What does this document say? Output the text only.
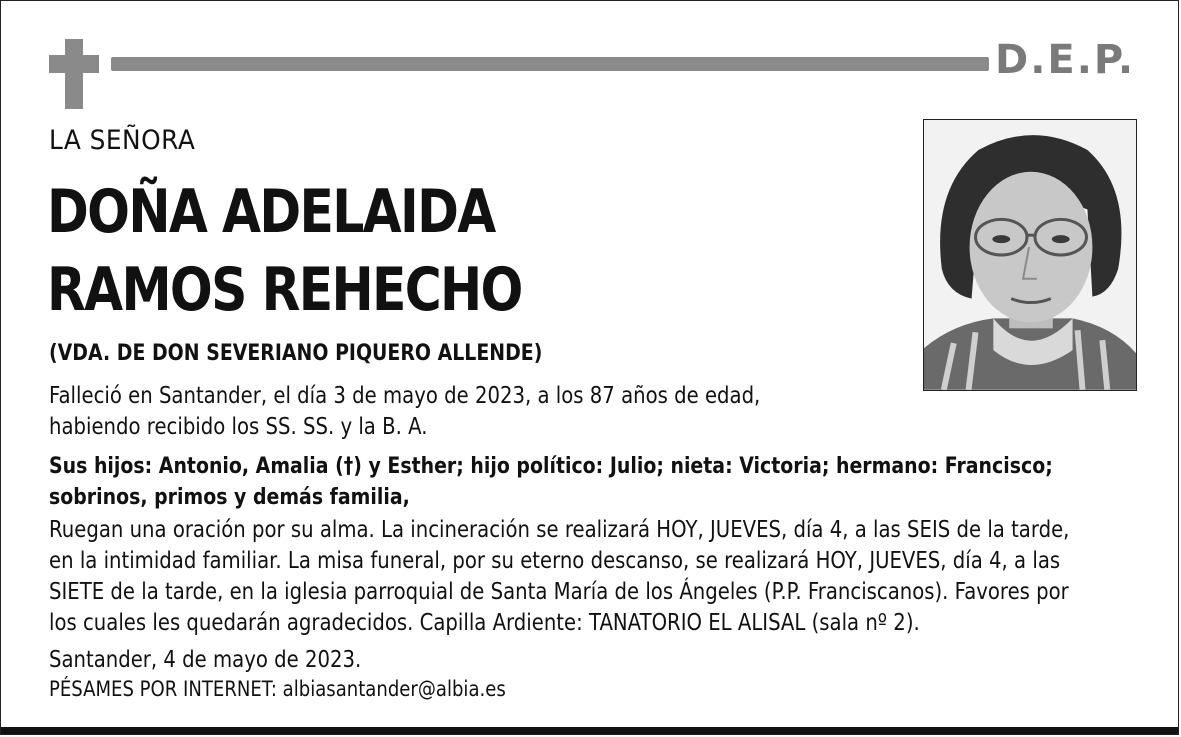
D.E.P.
LA SEÑORA
DOÑA ADELAIDA
RAMOS REHECHO
(VDA. DE DON SEVERIANO PIQUERO ALLENDE)
Falleció en Santander, el día 3 de mayo de 2023, a los 87 años de edad,
habiendo recibido los SS. SS. y la B. A.
Sus hijos: Antonio, Amalia (†) y Esther; hijo político: Julio; nieta: Victoria; hermano: Francisco;
sobrinos, primos y demás familia,
Ruegan una oración por su alma. La incineración se realizará HOY, JUEVES, día 4, a las SEIS de la tarde,
en la intimidad familiar. La misa funeral, por su eterno descanso, se realizará HOY, JUEVES, día 4, a las
SIETE de la tarde, en la iglesia parroquial de Santa María de los Ángeles (P.P. Franciscanos). Favores por
los cuales les quedarán agradecidos. Capilla Ardiente: TANATORIO EL ALISAL (sala nº 2).
Santander, 4 de mayo de 2023.
PÉSAMES POR INTERNET: albiasantander@albia.es
